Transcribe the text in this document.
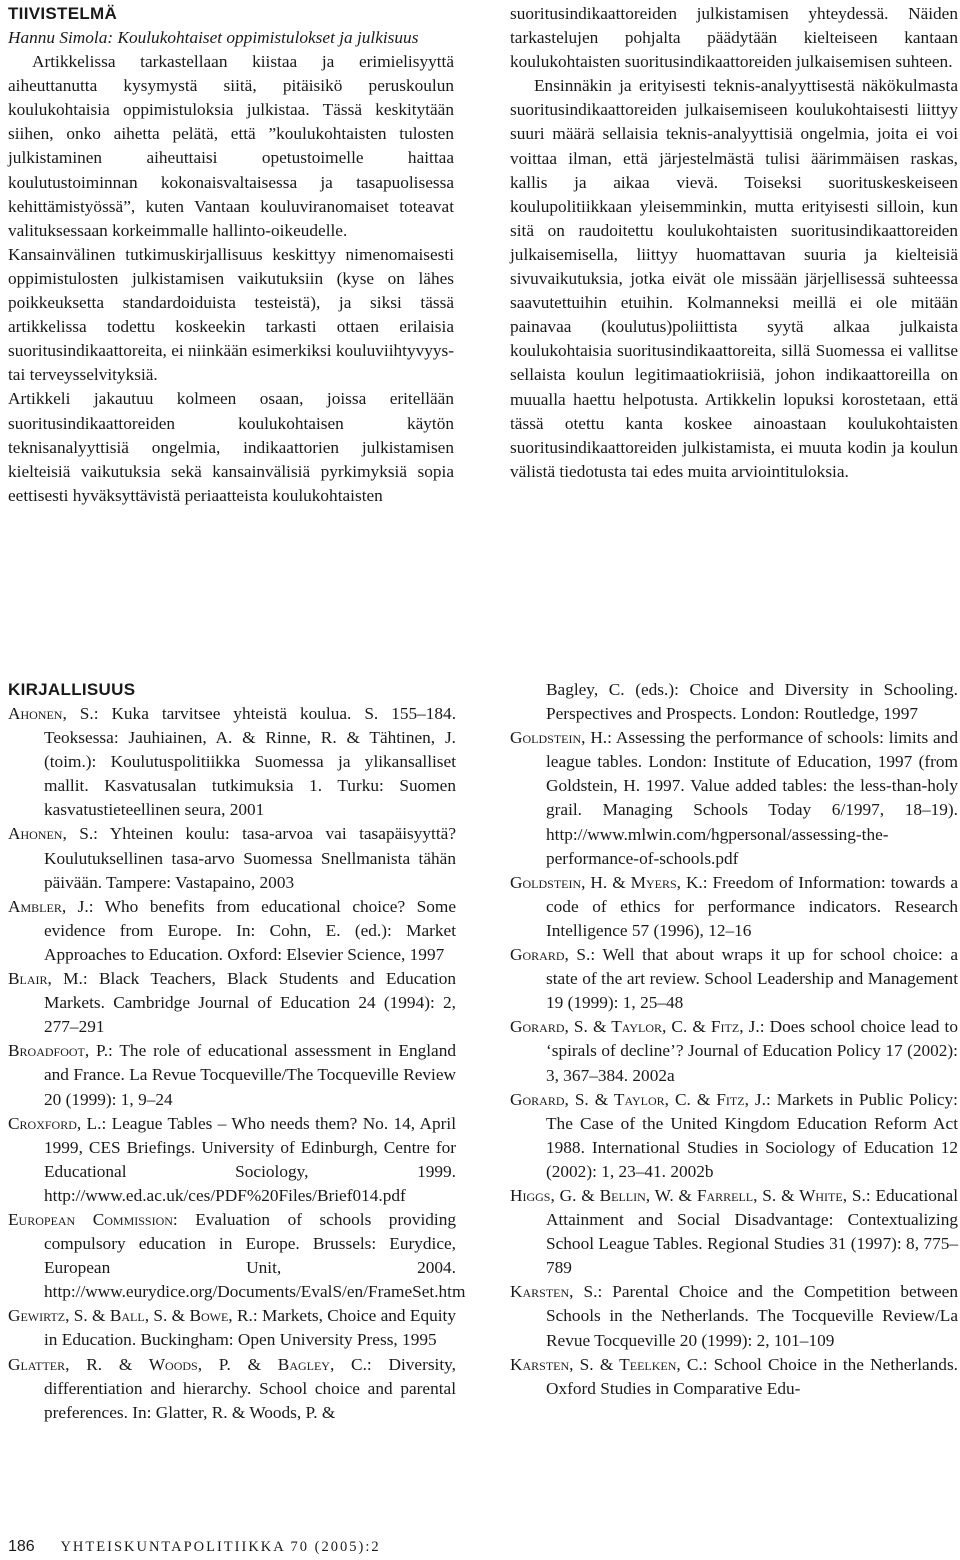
TIIVISTELMÄ
Hannu Simola: Koulukohtaiset oppimistulokset ja julkisuus

Artikkelissa tarkastellaan kiistaa ja erimielisyyttä aiheuttanutta kysymystä siitä, pitäisikö peruskoulun koulukohtaisia oppimistuloksia julkistaa. Tässä keskitytään siihen, onko aihetta pelätä, että ”koulukohtaisten tulosten julkistaminen aiheuttaisi opetustoimelle haittaa koulutustoiminnan kokonaisvaltaisessa ja tasapuolisessa kehittämistyössä”, kuten Vantaan kouluviranomaiset toteavat valituksessaan korkeimmalle hallinto-oikeudelle.

Kansainvälinen tutkimuskirjallisuus keskittyy nimenomaisesti oppimistulosten julkistamisen vaikutuksiin (kyse on lähes poikkeuksetta standardoiduista testeistä), ja siksi tässä artikkelissa todettu koskeekin tarkasti ottaen erilaisia suoritusindikaattoreita, ei niinkään esimerkiksi kouluviihtyvyys- tai terveysselvityksiä.

Artikkeli jakautuu kolmeen osaan, joissa eritellään suoritusindikaattoreiden koulukohtaisen käytön teknisanalyyttisiä ongelmia, indikaattorien julkistamisen kielteisiä vaikutuksia sekä kansainvälisiä pyrkimyksiä sopia eettisesti hyväksyttävistä periaatteista koulukohtaisten

suoritusindikaattoreiden julkistamisen yhteydessä. Näiden tarkastelujen pohjalta päädytään kielteiseen kantaan koulukohtaisten suoritusindikaattoreiden julkaisemisen suhteen.

Ensinnäkin ja erityisesti teknis-analyyttisestä näkökulmasta suoritusindikaattoreiden julkaisemiseen koulukohtaisesti liittyy suuri määrä sellaisia teknis-analyyttisiä ongelmia, joita ei voi voittaa ilman, että järjestelmästä tulisi äärimmäisen raskas, kallis ja aikaa vievä. Toiseksi suorituskeskeiseen koulupolitiikkaan yleisemminkin, mutta erityisesti silloin, kun sitä on raudoitettu koulukohtaisten suoritusindikaattoreiden julkaisemisella, liittyy huomattavan suuria ja kielteisiä sivuvaikutuksia, jotka eivät ole missään järjellisessä suhteessa saavutettuihin etuihin. Kolmanneksi meillä ei ole mitään painavaa (koulutus)poliittista syytä alkaa julkaista koulukohtaisia suoritusindikaattoreita, sillä Suomessa ei vallitse sellaista koulun legitimaatiokriisiä, johon indikaattoreilla on muualla haettu helpotusta. Artikkelin lopuksi korostetaan, että tässä otettu kanta koskee ainoastaan koulukohtaisten suoritusindikaattoreiden julkistamista, ei muuta kodin ja koulun välistä tiedotusta tai edes muita arviointituloksia.

KIRJALLISUUS

Ahonen, S.: Kuka tarvitsee yhteistä koulua. S. 155–184. Teoksessa: Jauhiainen, A. & Rinne, R. & Tähtinen, J. (toim.): Koulutuspolitiikka Suomessa ja ylikansalliset mallit. Kasvatusalan tutkimuksia 1. Turku: Suomen kasvatustieteellinen seura, 2001

Ahonen, S.: Yhteinen koulu: tasa-arvoa vai tasapäisyyttä? Koulutuksellinen tasa-arvo Suomessa Snellmanista tähän päivään. Tampere: Vastapaino, 2003

Ambler, J.: Who benefits from educational choice? Some evidence from Europe. In: Cohn, E. (ed.): Market Approaches to Education. Oxford: Elsevier Science, 1997

Blair, M.: Black Teachers, Black Students and Education Markets. Cambridge Journal of Education 24 (1994): 2, 277–291

Broadfoot, P.: The role of educational assessment in England and France. La Revue Tocqueville/The Tocqueville Review 20 (1999): 1, 9–24

Croxford, L.: League Tables – Who needs them? No. 14, April 1999, CES Briefings. University of Edinburgh, Centre for Educational Sociology, 1999. http://www.ed.ac.uk/ces/PDF%20Files/Brief014.pdf

European Commission: Evaluation of schools providing compulsory education in Europe. Brussels: Eurydice, European Unit, 2004. http://www.eurydice.org/Documents/EvalS/en/FrameSet.htm

Gewirtz, S. & Ball, S. & Bowe, R.: Markets, Choice and Equity in Education. Buckingham: Open University Press, 1995

Glatter, R. & Woods, P. & Bagley, C.: Diversity, differentiation and hierarchy. School choice and parental preferences. In: Glatter, R. & Woods, P. &

Bagley, C. (eds.): Choice and Diversity in Schooling. Perspectives and Prospects. London: Routledge, 1997

Goldstein, H.: Assessing the performance of schools: limits and league tables. London: Institute of Education, 1997 (from Goldstein, H. 1997. Value added tables: the less-than-holy grail. Managing Schools Today 6/1997, 18–19). http://www.mlwin.com/hgpersonal/assessing-the-performance-of-schools.pdf

Goldstein, H. & Myers, K.: Freedom of Information: towards a code of ethics for performance indicators. Research Intelligence 57 (1996), 12–16

Gorard, S.: Well that about wraps it up for school choice: a state of the art review. School Leadership and Management 19 (1999): 1, 25–48

Gorard, S. & Taylor, C. & Fitz, J.: Does school choice lead to ‘spirals of decline’? Journal of Education Policy 17 (2002): 3, 367–384. 2002a

Gorard, S. & Taylor, C. & Fitz, J.: Markets in Public Policy: The Case of the United Kingdom Education Reform Act 1988. International Studies in Sociology of Education 12 (2002): 1, 23–41. 2002b

Higgs, G. & Bellin, W. & Farrell, S. & White, S.: Educational Attainment and Social Disadvantage: Contextualizing School League Tables. Regional Studies 31 (1997): 8, 775–789

Karsten, S.: Parental Choice and the Competition between Schools in the Netherlands. The Tocqueville Review/La Revue Tocqueville 20 (1999): 2, 101–109

Karsten, S. & Teelken, C.: School Choice in the Netherlands. Oxford Studies in Comparative Edu-

186 YHTEISKUNTAPOLITIIKKA 70 (2005):2
